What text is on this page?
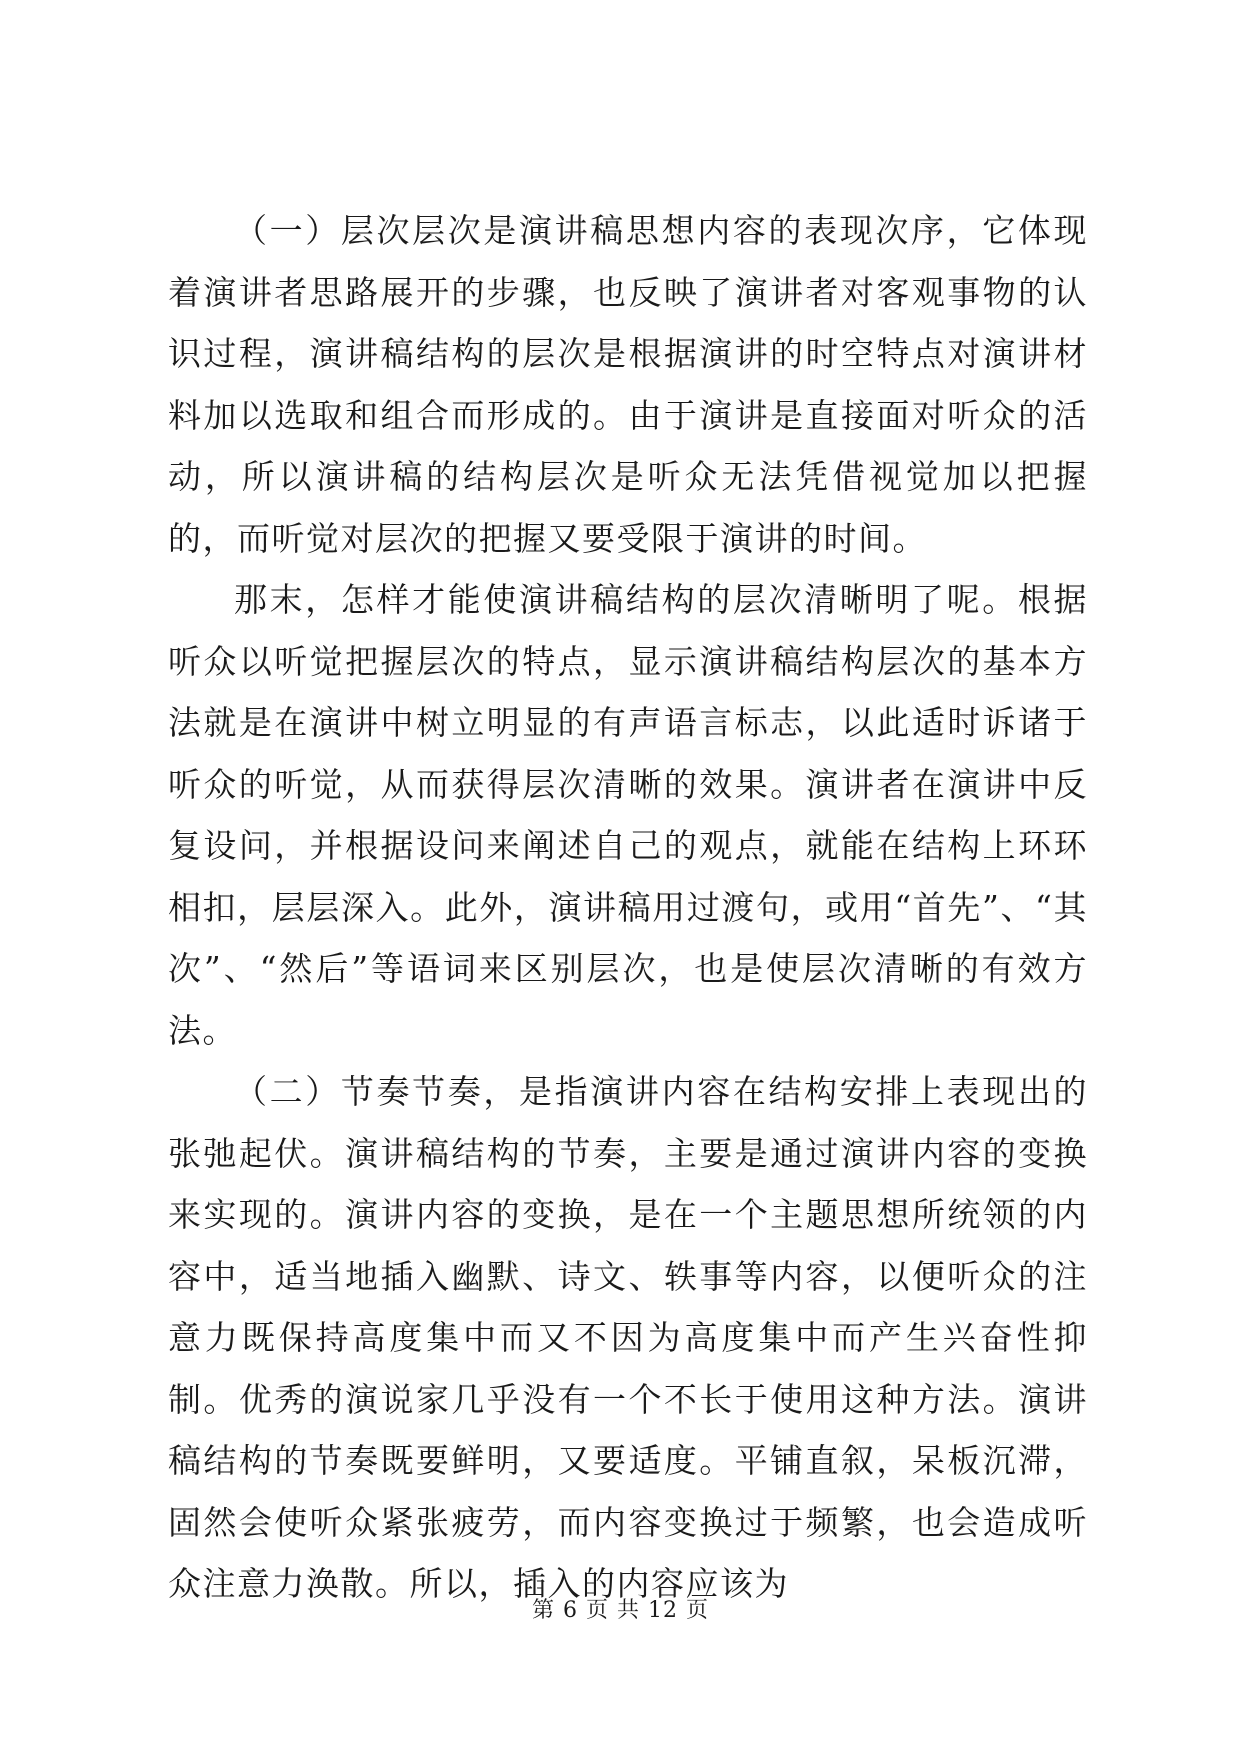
（一）层次层次是演讲稿思想内容的表现次序，它体现着演讲者思路展开的步骤，也反映了演讲者对客观事物的认识过程，演讲稿结构的层次是根据演讲的时空特点对演讲材料加以选取和组合而形成的。由于演讲是直接面对听众的活动，所以演讲稿的结构层次是听众无法凭借视觉加以把握的，而听觉对层次的把握又要受限于演讲的时间。

那末，怎样才能使演讲稿结构的层次清晰明了呢。根据听众以听觉把握层次的特点，显示演讲稿结构层次的基本方法就是在演讲中树立明显的有声语言标志，以此适时诉诸于听众的听觉，从而获得层次清晰的效果。演讲者在演讲中反复设问，并根据设问来阐述自己的观点，就能在结构上环环相扣，层层深入。此外，演讲稿用过渡句，或用“首先”、“其次”、“然后”等语词来区别层次，也是使层次清晰的有效方法。

（二）节奏节奏，是指演讲内容在结构安排上表现出的张弛起伏。演讲稿结构的节奏，主要是通过演讲内容的变换来实现的。演讲内容的变换，是在一个主题思想所统领的内容中，适当地插入幽默、诗文、轶事等内容，以便听众的注意力既保持高度集中而又不因为高度集中而产生兴奋性抑制。优秀的演说家几乎没有一个不长于使用这种方法。演讲稿结构的节奏既要鲜明，又要适度。平铺直叙，呆板沉滞，固然会使听众紧张疲劳，而内容变换过于频繁，也会造成听众注意力涣散。所以，插入的内容应该为

第 6 页 共 12 页
